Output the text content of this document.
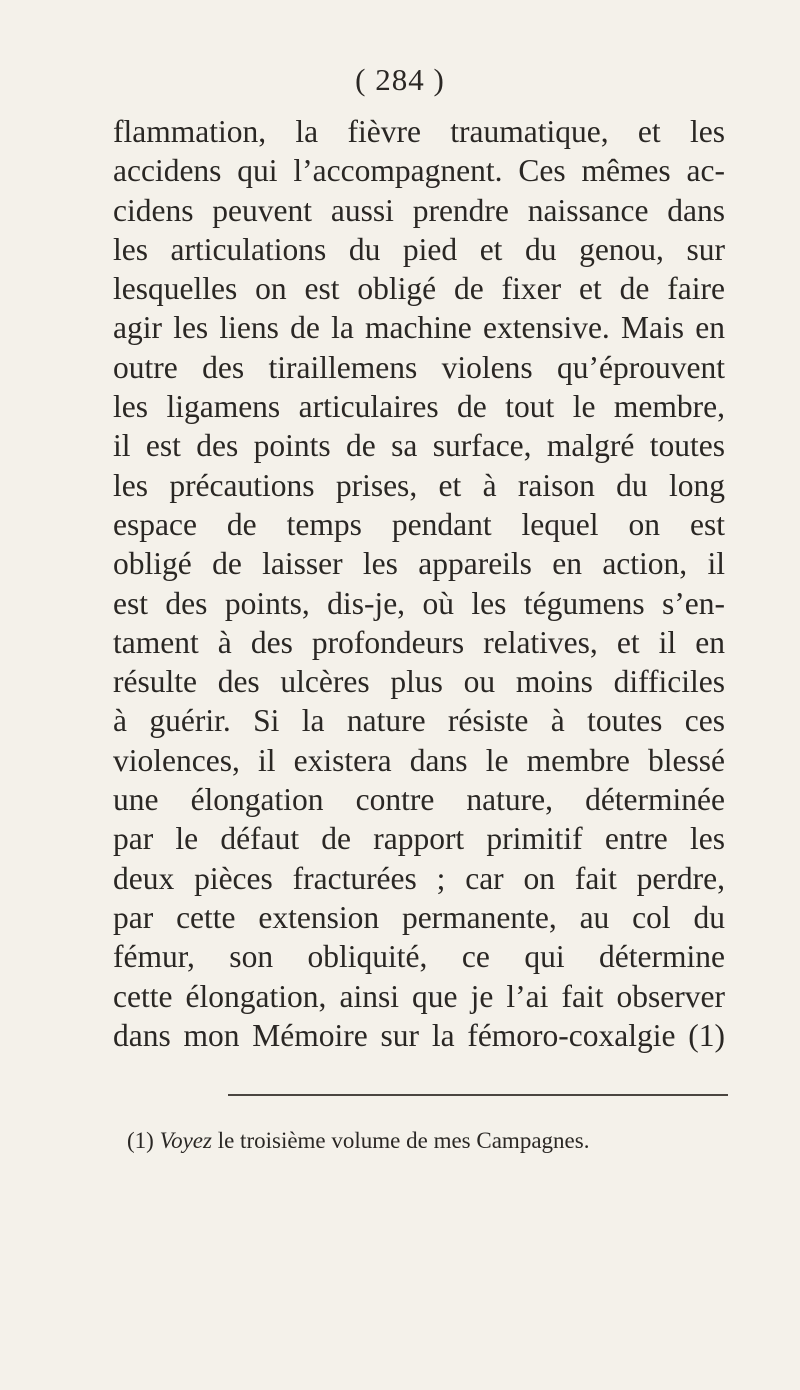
( 284 )
flammation, la fièvre traumatique, et les
accidens qui l’accompagnent. Ces mêmes ac-
cidens peuvent aussi prendre naissance dans
les articulations du pied et du genou, sur
lesquelles on est obligé de fixer et de faire
agir les liens de la machine extensive. Mais en
outre des tiraillemens violens qu’éprouvent
les ligamens articulaires de tout le membre,
il est des points de sa surface, malgré toutes
les précautions prises, et à raison du long
espace de temps pendant lequel on est
obligé de laisser les appareils en action, il
est des points, dis-je, où les tégumens s’en-
tament à des profondeurs relatives, et il en
résulte des ulcères plus ou moins difficiles
à guérir. Si la nature résiste à toutes ces
violences, il existera dans le membre blessé
une élongation contre nature, déterminée
par le défaut de rapport primitif entre les
deux pièces fracturées ; car on fait perdre,
par cette extension permanente, au col du
fémur, son obliquité, ce qui détermine
cette élongation, ainsi que je l’ai fait observer
dans mon Mémoire sur la fémoro-coxalgie (1)
(1) Voyez le troisième volume de mes Campagnes.
